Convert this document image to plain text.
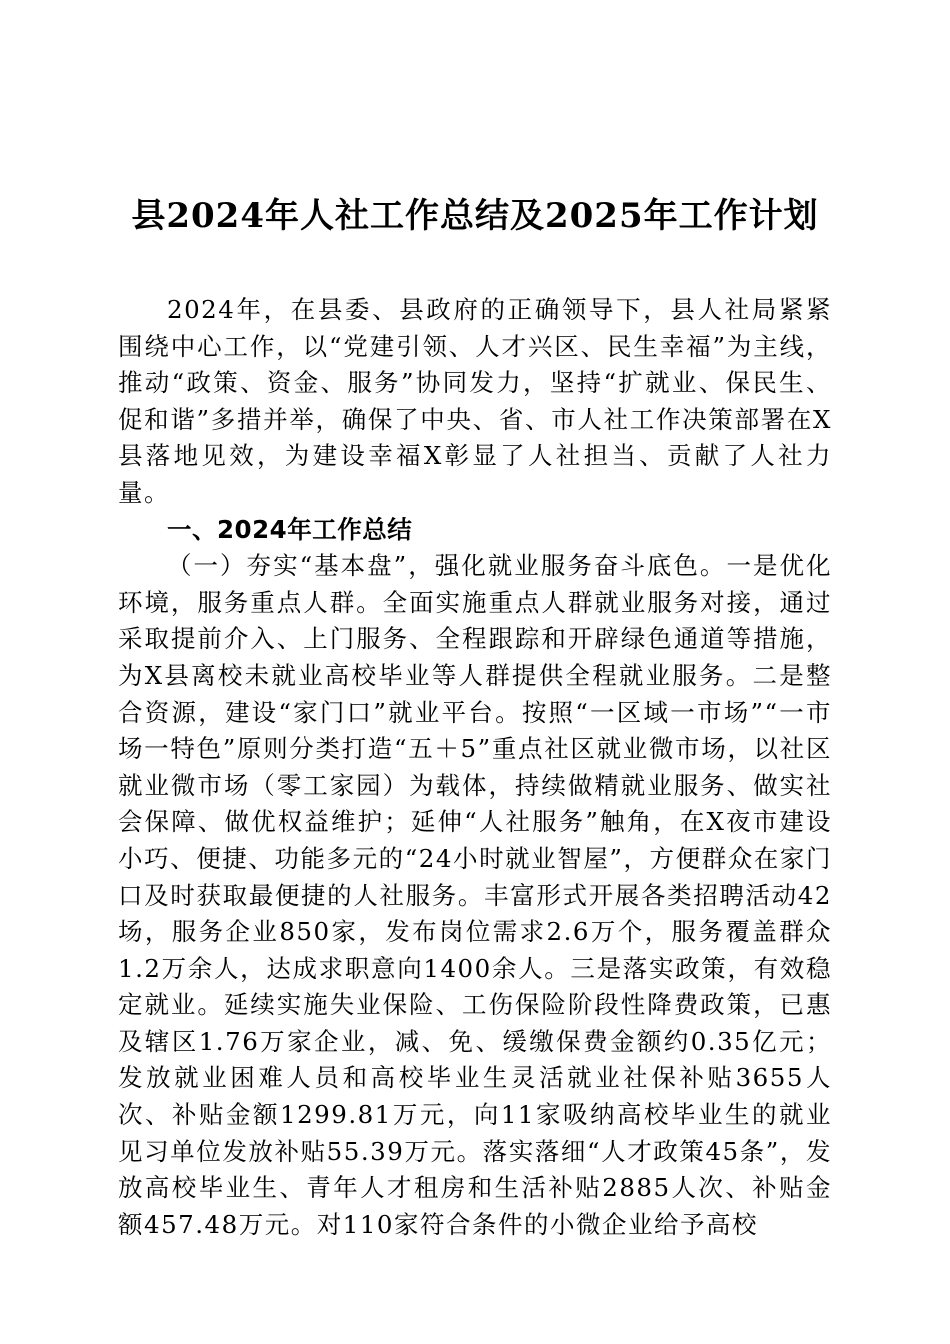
县2024年人社工作总结及2025年工作计划

2024年，在县委、县政府的正确领导下，县人社局紧紧围绕中心工作，以“党建引领、人才兴区、民生幸福”为主线，推动“政策、资金、服务”协同发力，坚持“扩就业、保民生、促和谐”多措并举，确保了中央、省、市人社工作决策部署在X县落地见效，为建设幸福X彰显了人社担当、贡献了人社力量。

一、2024年工作总结

（一）夯实“基本盘”，强化就业服务奋斗底色。一是优化环境，服务重点人群。全面实施重点人群就业服务对接，通过采取提前介入、上门服务、全程跟踪和开辟绿色通道等措施，为X县离校未就业高校毕业等人群提供全程就业服务。二是整合资源，建设“家门口”就业平台。按照“一区域一市场”“一市场一特色”原则分类打造“五＋5”重点社区就业微市场，以社区就业微市场（零工家园）为载体，持续做精就业服务、做实社会保障、做优权益维护；延伸“人社服务”触角，在X夜市建设小巧、便捷、功能多元的“24小时就业智屋”，方便群众在家门口及时获取最便捷的人社服务。丰富形式开展各类招聘活动42场，服务企业850家，发布岗位需求2.6万个，服务覆盖群众1.2万余人，达成求职意向1400余人。三是落实政策，有效稳定就业。延续实施失业保险、工伤保险阶段性降费政策，已惠及辖区1.76万家企业，减、免、缓缴保费金额约0.35亿元；发放就业困难人员和高校毕业生灵活就业社保补贴3655人次、补贴金额1299.81万元，向11家吸纳高校毕业生的就业见习单位发放补贴55.39万元。落实落细“人才政策45条”，发放高校毕业生、青年人才租房和生活补贴2885人次、补贴金额457.48万元。对110家符合条件的小微企业给予高校
